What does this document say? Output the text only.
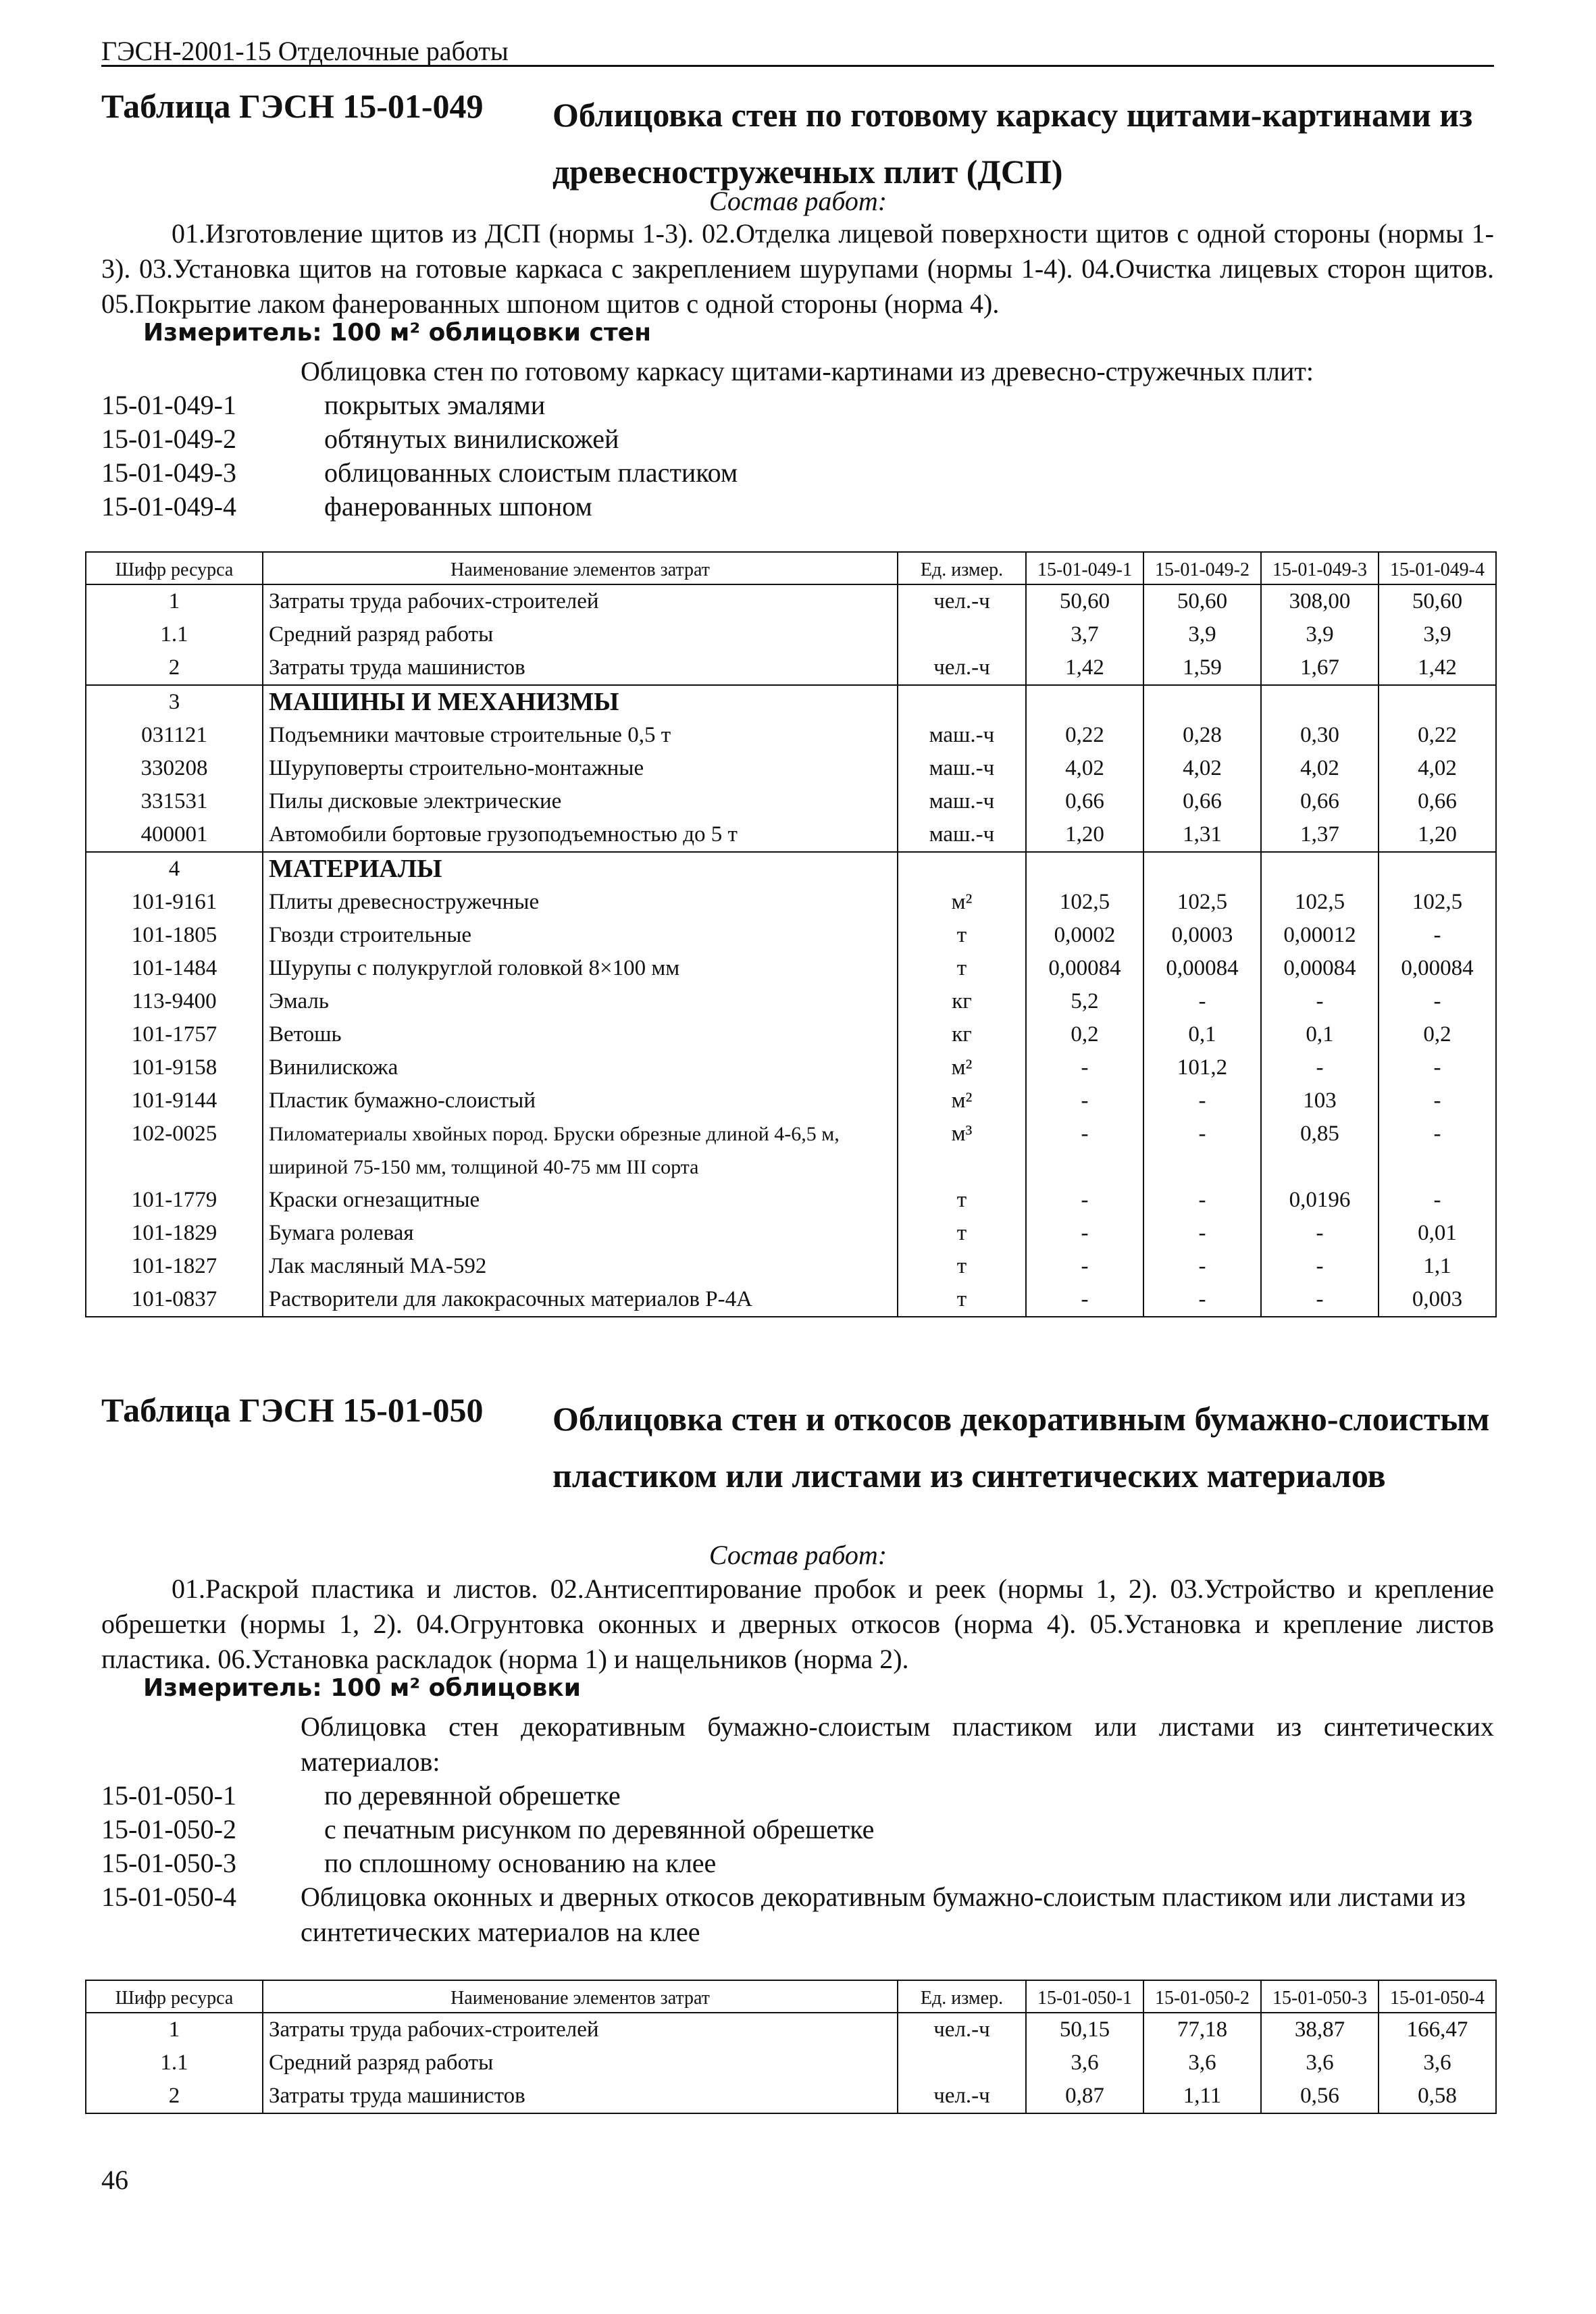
ГЭСН-2001-15 Отделочные работы
Таблица ГЭСН 15-01-049 Облицовка стен по готовому каркасу щитами-картинами из древесностружечных плит (ДСП)
Состав работ:

01.Изготовление щитов из ДСП (нормы 1-3). 02.Отделка лицевой поверхности щитов с одной стороны (нормы 1-3). 03.Установка щитов на готовые каркаса с закреплением шурупами (нормы 1-4). 04.Очистка лицевых сторон щитов. 05.Покрытие лаком фанерованных шпоном щитов с одной стороны (норма 4).

Измеритель: 100 м² облицовки стен

Облицовка стен по готовому каркасу щитами-картинами из древесно-стружечных плит:

15-01-049-1	покрытых эмалями
15-01-049-2	обтянутых винилискожей
15-01-049-3	облицованных слоистым пластиком
15-01-049-4	фанерованных шпоном
Шифр ресурса	Наименование элементов затрат	Ед. измер.	15-01-049-1	15-01-049-2	15-01-049-3	15-01-049-4
1	Затраты труда рабочих-строителей	чел.-ч	50,60	50,60	308,00	50,60
1.1	Средний разряд работы		3,7	3,9	3,9	3,9
2	Затраты труда машинистов	чел.-ч	1,42	1,59	1,67	1,42
3	МАШИНЫ И МЕХАНИЗМЫ					
031121	Подъемники мачтовые строительные 0,5 т	маш.-ч	0,22	0,28	0,30	0,22
330208	Шуруповерты строительно-монтажные	маш.-ч	4,02	4,02	4,02	4,02
331531	Пилы дисковые электрические	маш.-ч	0,66	0,66	0,66	0,66
400001	Автомобили бортовые грузоподъемностью до 5 т	маш.-ч	1,20	1,31	1,37	1,20
4	МАТЕРИАЛЫ					
101-9161	Плиты древесностружечные	м²	102,5	102,5	102,5	102,5
101-1805	Гвозди строительные	т	0,0002	0,0003	0,00012	-
101-1484	Шурупы с полукруглой головкой 8×100 мм	т	0,00084	0,00084	0,00084	0,00084
113-9400	Эмаль	кг	5,2	-	-	-
101-1757	Ветошь	кг	0,2	0,1	0,1	0,2
101-9158	Винилискожа	м²	-	101,2	-	-
101-9144	Пластик бумажно-слоистый	м²	-	-	103	-
102-0025	Пиломатериалы хвойных пород. Бруски обрезные длиной 4-6,5 м, шириной 75-150 мм, толщиной 40-75 мм III сорта	м³	-	-	0,85	-
101-1779	Краски огнезащитные	т	-	-	0,0196	-
101-1829	Бумага ролевая	т	-	-	-	0,01
101-1827	Лак масляный МА-592	т	-	-	-	1,1
101-0837	Растворители для лакокрасочных материалов Р-4А	т	-	-	-	0,003
Таблица ГЭСН 15-01-050 Облицовка стен и откосов декоративным бумажно-слоистым пластиком или листами из синтетических материалов
Состав работ:

01.Раскрой пластика и листов. 02.Антисептирование пробок и реек (нормы 1, 2). 03.Устройство и крепление обрешетки (нормы 1, 2). 04.Огрунтовка оконных и дверных откосов (норма 4). 05.Установка и крепление листов пластика. 06.Установка раскладок (норма 1) и нащельников (норма 2).

Измеритель: 100 м² облицовки

Облицовка стен декоративным бумажно-слоистым пластиком или листами из синтетических материалов:

15-01-050-1	по деревянной обрешетке
15-01-050-2	с печатным рисунком по деревянной обрешетке
15-01-050-3	по сплошному основанию на клее
15-01-050-4 Облицовка оконных и дверных откосов декоративным бумажно-слоистым пластиком или листами из синтетических материалов на клее
Шифр ресурса	Наименование элементов затрат	Ед. измер.	15-01-050-1	15-01-050-2	15-01-050-3	15-01-050-4
1	Затраты труда рабочих-строителей	чел.-ч	50,15	77,18	38,87	166,47
1.1	Средний разряд работы		3,6	3,6	3,6	3,6
2	Затраты труда машинистов	чел.-ч	0,87	1,11	0,56	0,58
46
